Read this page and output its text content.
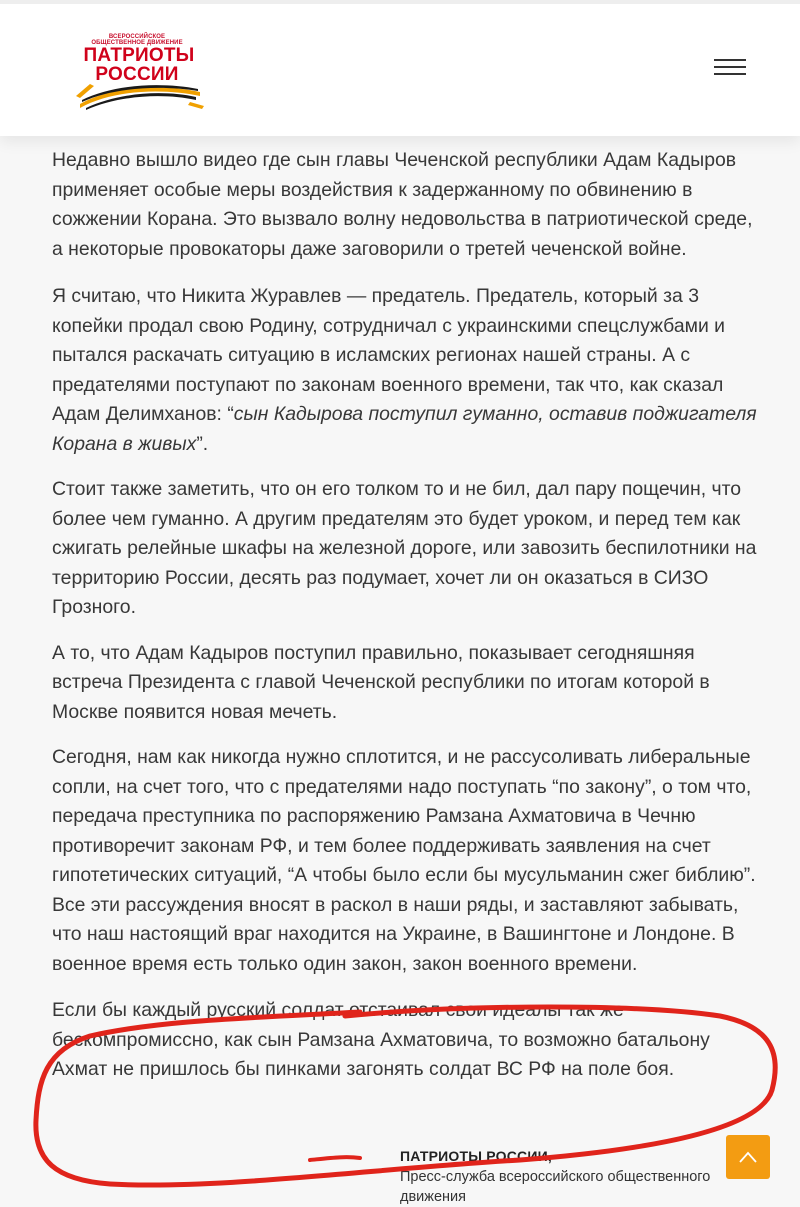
ВСЕРОССИЙСКОЕ ОБЩЕСТВЕННОЕ ДВИЖЕНИЕ
ПАТРИОТЫ
РОССИИ

Недавно вышло видео где сын главы Чеченской республики Адам Кадыров применяет особые меры воздействия к задержанному по обвинению в сожжении Корана. Это вызвало волну недовольства в патриотической среде, а некоторые провокаторы даже заговорили о третей чеченской войне.

Я считаю, что Никита Журавлев — предатель. Предатель, который за 3 копейки продал свою Родину, сотрудничал с украинскими спецслужбами и пытался раскачать ситуацию в исламских регионах нашей страны. А с предателями поступают по законам военного времени, так что, как сказал Адам Делимханов: “сын Кадырова поступил гуманно, оставив поджигателя Корана в живых”.

Стоит также заметить, что он его толком то и не бил, дал пару пощечин, что более чем гуманно. А другим предателям это будет уроком, и перед тем как сжигать релейные шкафы на железной дороге, или завозить беспилотники на территорию России, десять раз подумает, хочет ли он оказаться в СИЗО Грозного.

А то, что Адам Кадыров поступил правильно, показывает сегодняшняя встреча Президента с главой Чеченской республики по итогам которой в Москве появится новая мечеть.

Сегодня, нам как никогда нужно сплотится, и не рассусоливать либеральные сопли, на счет того, что с предателями надо поступать “по закону”, о том что, передача преступника по распоряжению Рамзана Ахматовича в Чечню противоречит законам РФ, и тем более поддерживать заявления на счет гипотетических ситуаций, “А чтобы было если бы мусульманин сжег библию”. Все эти рассуждения вносят в раскол в наши ряды, и заставляют забывать, что наш настоящий враг находится на Украине, в Вашингтоне и Лондоне. В военное время есть только один закон, закон военного времени.

Если бы каждый русский солдат отстаивал свои идеалы так же бескомпромиссно, как сын Рамзана Ахматовича, то возможно батальону Ахмат не пришлось бы пинками загонять солдат ВС РФ на поле боя.

ПАТРИОТЫ РОССИИ,
Пресс-служба всероссийского общественного движения
